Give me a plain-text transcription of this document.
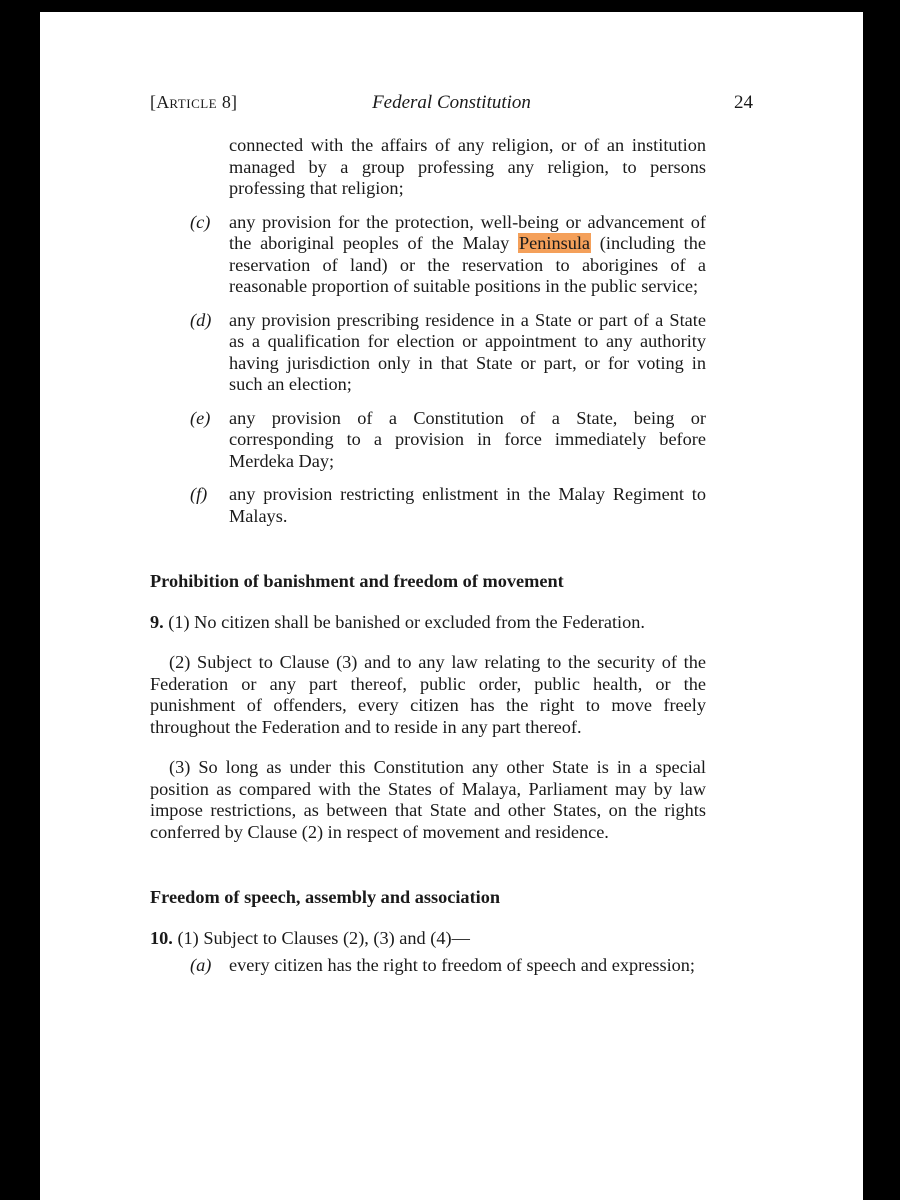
[ARTICLE 8]	Federal Constitution	24
connected with the affairs of any religion, or of an institution managed by a group professing any religion, to persons professing that religion;
(c)	any provision for the protection, well-being or advancement of the aboriginal peoples of the Malay Peninsula (including the reservation of land) or the reservation to aborigines of a reasonable proportion of suitable positions in the public service;
(d) any provision prescribing residence in a State or part of a State as a qualification for election or appointment to any authority having jurisdiction only in that State or part, or for voting in such an election;
(e)	any provision of a Constitution of a State, being or corresponding to a provision in force immediately before Merdeka Day;
(f)	any provision restricting enlistment in the Malay Regiment to Malays.
Prohibition of banishment and freedom of movement
9. (1) No citizen shall be banished or excluded from the Federation.
(2) Subject to Clause (3) and to any law relating to the security of the Federation or any part thereof, public order, public health, or the punishment of offenders, every citizen has the right to move freely throughout the Federation and to reside in any part thereof.
(3) So long as under this Constitution any other State is in a special position as compared with the States of Malaya, Parliament may by law impose restrictions, as between that State and other States, on the rights conferred by Clause (2) in respect of movement and residence.
Freedom of speech, assembly and association
10. (1) Subject to Clauses (2), (3) and (4)—
(a) every citizen has the right to freedom of speech and expression;
